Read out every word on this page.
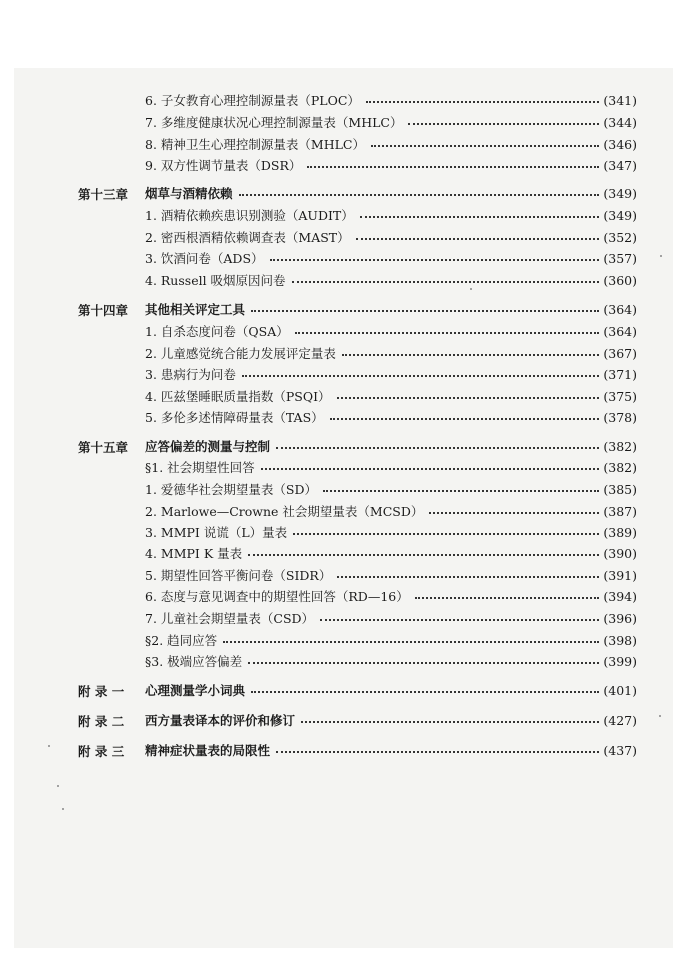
6. 子女教育心理控制源量表（PLOC）	(341)
7. 多维度健康状况心理控制源量表（MHLC）	(344)
8. 精神卫生心理控制源量表（MHLC）	(346)
9. 双方性调节量表（DSR）	(347)
第十三章	烟草与酒精依赖	(349)
1. 酒精依赖疾患识别测验（AUDIT）	(349)
2. 密西根酒精依赖调查表（MAST）	(352)
3. 饮酒问卷（ADS）	(357)
4. Russell 吸烟原因问卷	(360)
第十四章	其他相关评定工具	(364)
1. 自杀态度问卷（QSA）	(364)
2. 儿童感觉统合能力发展评定量表	(367)
3. 患病行为问卷	(371)
4. 匹兹堡睡眠质量指数（PSQI）	(375)
5. 多伦多述情障碍量表（TAS）	(378)
第十五章	应答偏差的测量与控制	(382)
§1. 社会期望性回答	(382)
1. 爱德华社会期望量表（SD）	(385)
2. Marlowe—Crowne 社会期望量表（MCSD）	(387)
3. MMPI 说谎（L）量表	(389)
4. MMPI K 量表	(390)
5. 期望性回答平衡问卷（SIDR）	(391)
6. 态度与意见调查中的期望性回答（RD—16）	(394)
7. 儿童社会期望量表（CSD）	(396)
§2. 趋同应答	(398)
§3. 极端应答偏差	(399)
附 录 一	心理测量学小词典	(401)
附 录 二	西方量表译本的评价和修订	(427)
附 录 三	精神症状量表的局限性	(437)
